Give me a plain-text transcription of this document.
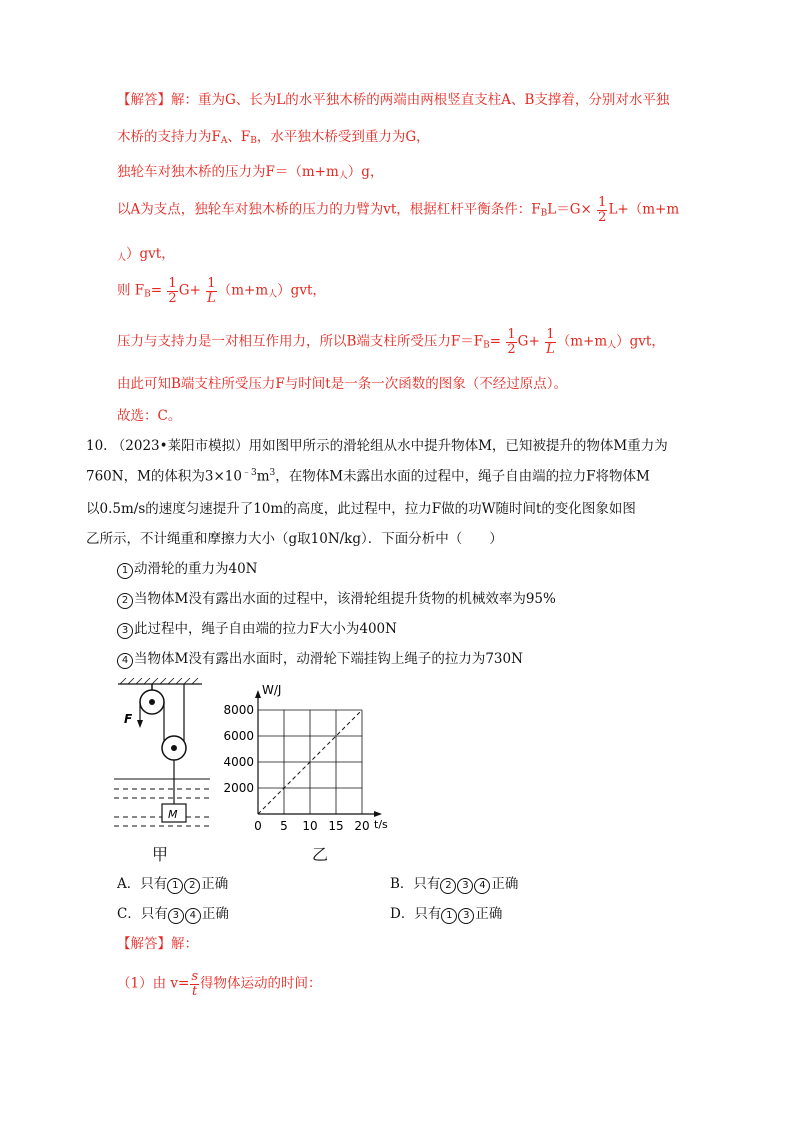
【解答】解：重为G、长为L的水平独木桥的两端由两根竖直支柱A、B支撑着，分别对水平独
木桥的支持力为$F_A$、$F_B$，水平独木桥受到重力为G，
独轮车对独木桥的压力为$F=(m+m_人)g$，
以A为支点，独轮车对独木桥的压力的力臂为vt，根据杠杆平衡条件：$F_BL=G\times \frac{1}{2} L+(m+m$
$_人$）gvt，
则 $F_B= \frac{1}{2} G+ \frac{1}{L} (m+m_人)gvt$，
压力与支持力是一对相互作用力，所以B端支柱所受压力$F=F_B= \frac{1}{2} G+ \frac{1}{L} (m+m_人)gvt$，
由此可知B端支柱所受压力F与时间t是一条一次函数的图象（不经过原点）。
故选：C。
10. （2023•莱阳市模拟）用如图甲所示的滑轮组从水中提升物体M，已知被提升的物体M重力为
760N，M的体积为$3\times 10^{﹣3}m^3$，在物体M未露出水面的过程中，绳子自由端的拉力F将物体M
以0.5m/s的速度匀速提升了10m的高度，此过程中，拉力F做的功W随时间t的变化图象如图
乙所示，不计绳重和摩擦力大小（g取10N/kg）．下面分析中（　　）
1 动滑轮的重力为40N
2 当物体M没有露出水面的过程中，该滑轮组提升货物的机械效率为95%
3 此过程中，绳子自由端的拉力F大小为400N
4 当物体M没有露出水面时，动滑轮下端挂钩上绳子的拉力为730N
F
M
甲
W/J
t/s
0 5 10 15 20
2000
4000
6000
8000
乙
A．只有 1 2 正确	B．只有 2 3 4 正确
C．只有 3 4 正确	D．只有 1 3 正确
【解答】解：
（1）由 $v= \frac{s}{t}$ 得物体运动的时间：
